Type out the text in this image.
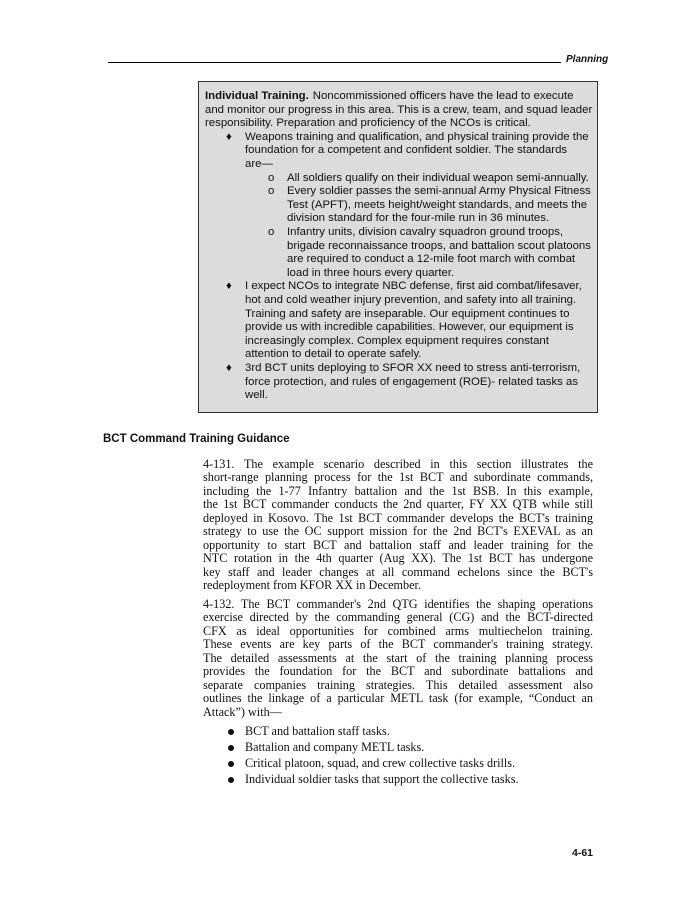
Planning
Individual Training. Noncommissioned officers have the lead to execute
and monitor our progress in this area. This is a crew, team, and squad leader
responsibility. Preparation and proficiency of the NCOs is critical.
♦ Weapons training and qualification, and physical training provide the
foundation for a competent and confident soldier. The standards
are—
o All soldiers qualify on their individual weapon semi-annually.
o Every soldier passes the semi-annual Army Physical Fitness
Test (APFT), meets height/weight standards, and meets the
division standard for the four-mile run in 36 minutes.
o Infantry units, division cavalry squadron ground troops,
brigade reconnaissance troops, and battalion scout platoons
are required to conduct a 12-mile foot march with combat
load in three hours every quarter.
♦ I expect NCOs to integrate NBC defense, first aid combat/lifesaver,
hot and cold weather injury prevention, and safety into all training.
Training and safety are inseparable. Our equipment continues to
provide us with incredible capabilities. However, our equipment is
increasingly complex. Complex equipment requires constant
attention to detail to operate safely.
♦ 3rd BCT units deploying to SFOR XX need to stress anti-terrorism,
force protection, and rules of engagement (ROE)- related tasks as
well.
BCT Command Training Guidance
4-131. The example scenario described in this section illustrates the
short-range planning process for the 1st BCT and subordinate commands,
including the 1-77 Infantry battalion and the 1st BSB. In this example,
the 1st BCT commander conducts the 2nd quarter, FY XX QTB while still
deployed in Kosovo. The 1st BCT commander develops the BCT's training
strategy to use the OC support mission for the 2nd BCT's EXEVAL as an
opportunity to start BCT and battalion staff and leader training for the
NTC rotation in the 4th quarter (Aug XX). The 1st BCT has undergone
key staff and leader changes at all command echelons since the BCT's
redeployment from KFOR XX in December.
4-132. The BCT commander's 2nd QTG identifies the shaping operations
exercise directed by the commanding general (CG) and the BCT-directed
CFX as ideal opportunities for combined arms multiechelon training.
These events are key parts of the BCT commander's training strategy.
The detailed assessments at the start of the training planning process
provides the foundation for the BCT and subordinate battalions and
separate companies training strategies. This detailed assessment also
outlines the linkage of a particular METL task (for example, “Conduct an
Attack”) with—
BCT and battalion staff tasks.
Battalion and company METL tasks.
Critical platoon, squad, and crew collective tasks drills.
Individual soldier tasks that support the collective tasks.
4-61
